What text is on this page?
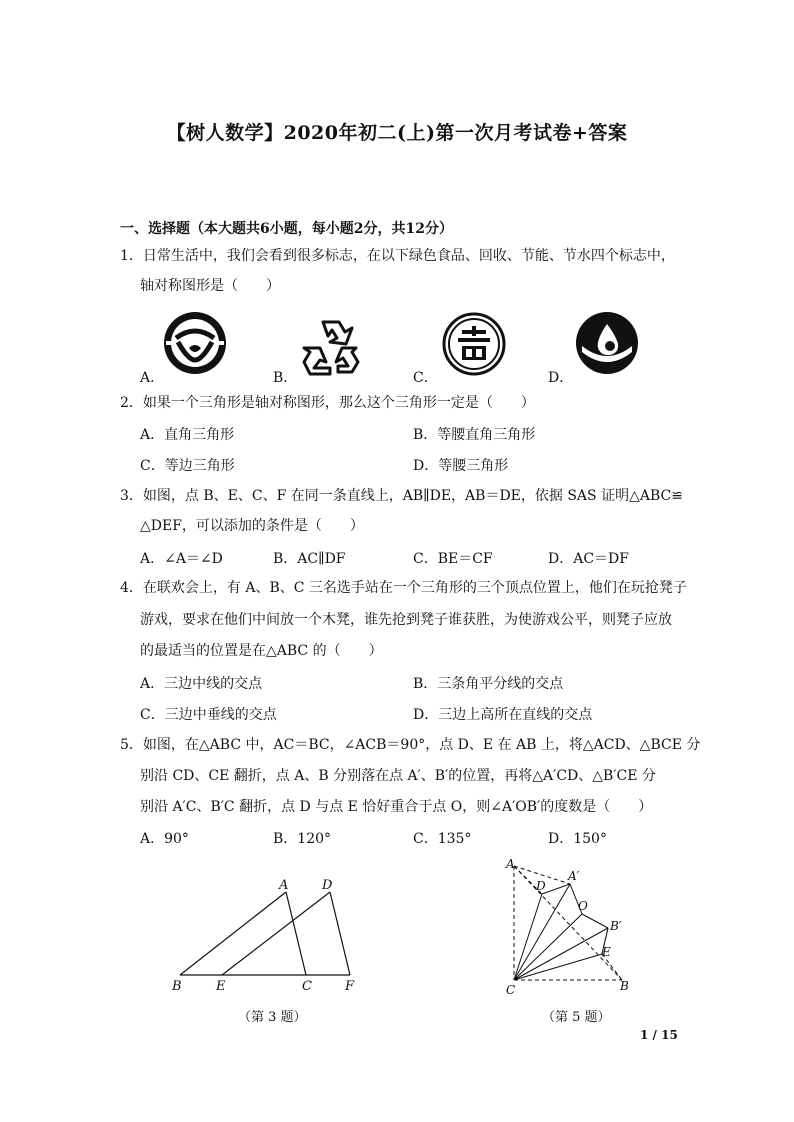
【树人数学】2020年初二(上)第一次月考试卷+答案
一、选择题（本大题共6小题，每小题2分，共12分）
1．日常生活中，我们会看到很多标志，在以下绿色食品、回收、节能、节水四个标志中，
轴对称图形是（　　）
A．	B．	C．	D．
2．如果一个三角形是轴对称图形，那么这个三角形一定是（　　）
A．直角三角形	B．等腰直角三角形
C．等边三角形	D．等腰三角形
3．如图，点 B、E、C、F 在同一条直线上，AB∥DE，AB＝DE，依据 SAS 证明△ABC≌
△DEF，可以添加的条件是（　　）
A．∠A＝∠D	B．AC∥DF	C．BE＝CF	D．AC＝DF
4．在联欢会上，有 A、B、C 三名选手站在一个三角形的三个顶点位置上，他们在玩抢凳子
游戏，要求在他们中间放一个木凳，谁先抢到凳子谁获胜，为使游戏公平，则凳子应放
的最适当的位置是在△ABC 的（　　）
A．三边中线的交点	B．三条角平分线的交点
C．三边中垂线的交点	D．三边上高所在直线的交点
5．如图，在△ABC 中，AC＝BC，∠ACB＝90°，点 D、E 在 AB 上，将△ACD、△BCE 分
别沿 CD、CE 翻折，点 A、B 分别落在点 A′、B′的位置，再将△A′CD、△B′CE 分
别沿 A′C、B′C 翻折，点 D 与点 E 恰好重合于点 O，则∠A′OB′的度数是（　　）
A．90°	B．120°	C．135°	D．150°
A	D
B	E	C	F
（第 3 题）
A
D
A′
O
B′
E
C	B
（第 5 题）
1 / 15
